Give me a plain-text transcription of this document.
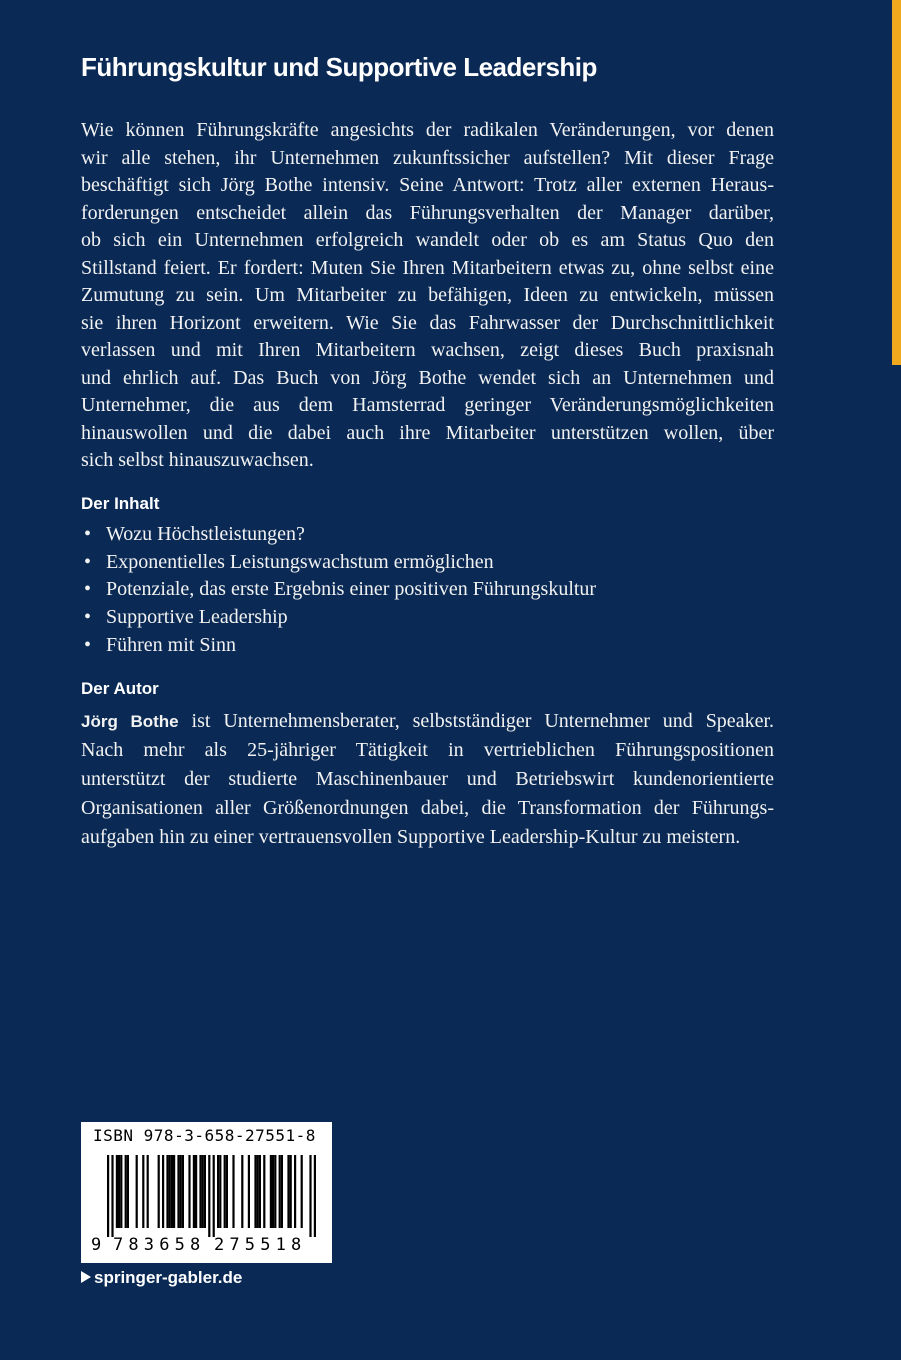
Führungskultur und Supportive Leadership
Wie können Führungskräfte angesichts der radikalen Veränderungen, vor denen
wir alle stehen, ihr Unternehmen zukunftssicher aufstellen? Mit dieser Frage
beschäftigt sich Jörg Bothe intensiv. Seine Antwort: Trotz aller externen Heraus-
forderungen entscheidet allein das Führungsverhalten der Manager darüber,
ob sich ein Unternehmen erfolgreich wandelt oder ob es am Status Quo den
Stillstand feiert. Er fordert: Muten Sie Ihren Mitarbeitern etwas zu, ohne selbst eine
Zumutung zu sein. Um Mitarbeiter zu befähigen, Ideen zu entwickeln, müssen
sie ihren Horizont erweitern. Wie Sie das Fahrwasser der Durchschnittlichkeit
verlassen und mit Ihren Mitarbeitern wachsen, zeigt dieses Buch praxisnah
und ehrlich auf. Das Buch von Jörg Bothe wendet sich an Unternehmen und
Unternehmer, die aus dem Hamsterrad geringer Veränderungsmöglichkeiten
hinauswollen und die dabei auch ihre Mitarbeiter unterstützen wollen, über
sich selbst hinauszuwachsen.
Der Inhalt
• Wozu Höchstleistungen?
• Exponentielles Leistungswachstum ermöglichen
• Potenziale, das erste Ergebnis einer positiven Führungskultur
• Supportive Leadership
• Führen mit Sinn
Der Autor
Jörg Bothe ist Unternehmensberater, selbstständiger Unternehmer und Speaker.
Nach mehr als 25-jähriger Tätigkeit in vertrieblichen Führungspositionen
unterstützt der studierte Maschinenbauer und Betriebswirt kundenorientierte
Organisationen aller Größenordnungen dabei, die Transformation der Führungs-
aufgaben hin zu einer vertrauensvollen Supportive Leadership-Kultur zu meistern.
ISBN 978-3-658-27551-8
9 7 8 3 6 5 8 2 7 5 5 1 8
springer-gabler.de
